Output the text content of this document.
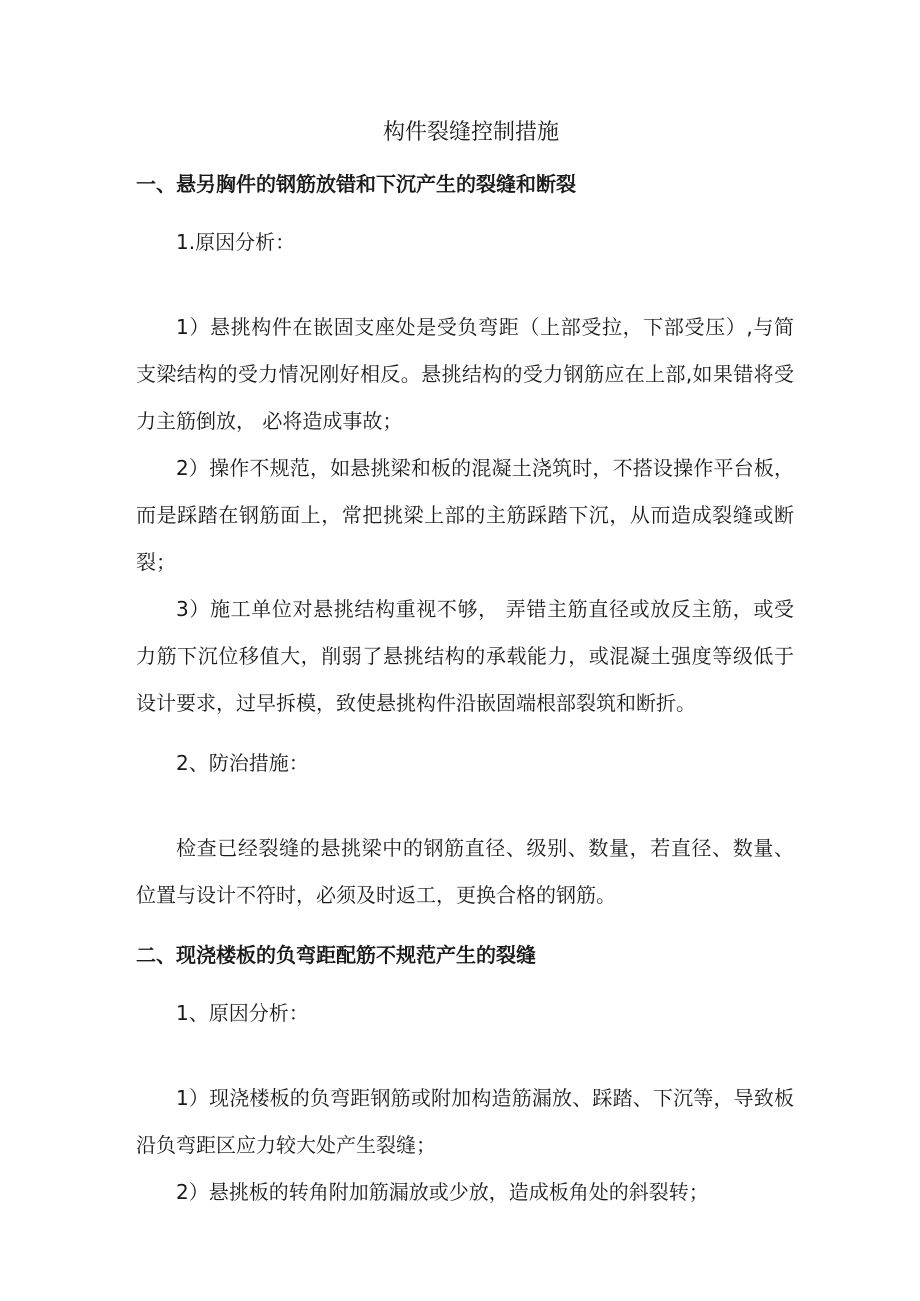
构件裂缝控制措施

一、悬另胸件的钢筋放错和下沉产生的裂缝和断裂

1.原因分析：

1）悬挑构件在嵌固支座处是受负弯距（上部受拉，下部受压）,与简支梁结构的受力情况刚好相反。悬挑结构的受力钢筋应在上部,如果错将受力主筋倒放， 必将造成事故；

2）操作不规范，如悬挑梁和板的混凝土浇筑时，不搭设操作平台板，而是踩踏在钢筋面上，常把挑梁上部的主筋踩踏下沉，从而造成裂缝或断裂；

3）施工单位对悬挑结构重视不够， 弄错主筋直径或放反主筋，或受力筋下沉位移值大，削弱了悬挑结构的承载能力，或混凝土强度等级低于设计要求，过早拆模，致使悬挑构件沿嵌固端根部裂筑和断折。

2、防治措施：

检查已经裂缝的悬挑梁中的钢筋直径、级别、数量，若直径、数量、位置与设计不符时，必须及时返工，更换合格的钢筋。

二、现浇楼板的负弯距配筋不规范产生的裂缝

1、原因分析：

1）现浇楼板的负弯距钢筋或附加构造筋漏放、踩踏、下沉等，导致板沿负弯距区应力较大处产生裂缝；

2）悬挑板的转角附加筋漏放或少放，造成板角处的斜裂转；
